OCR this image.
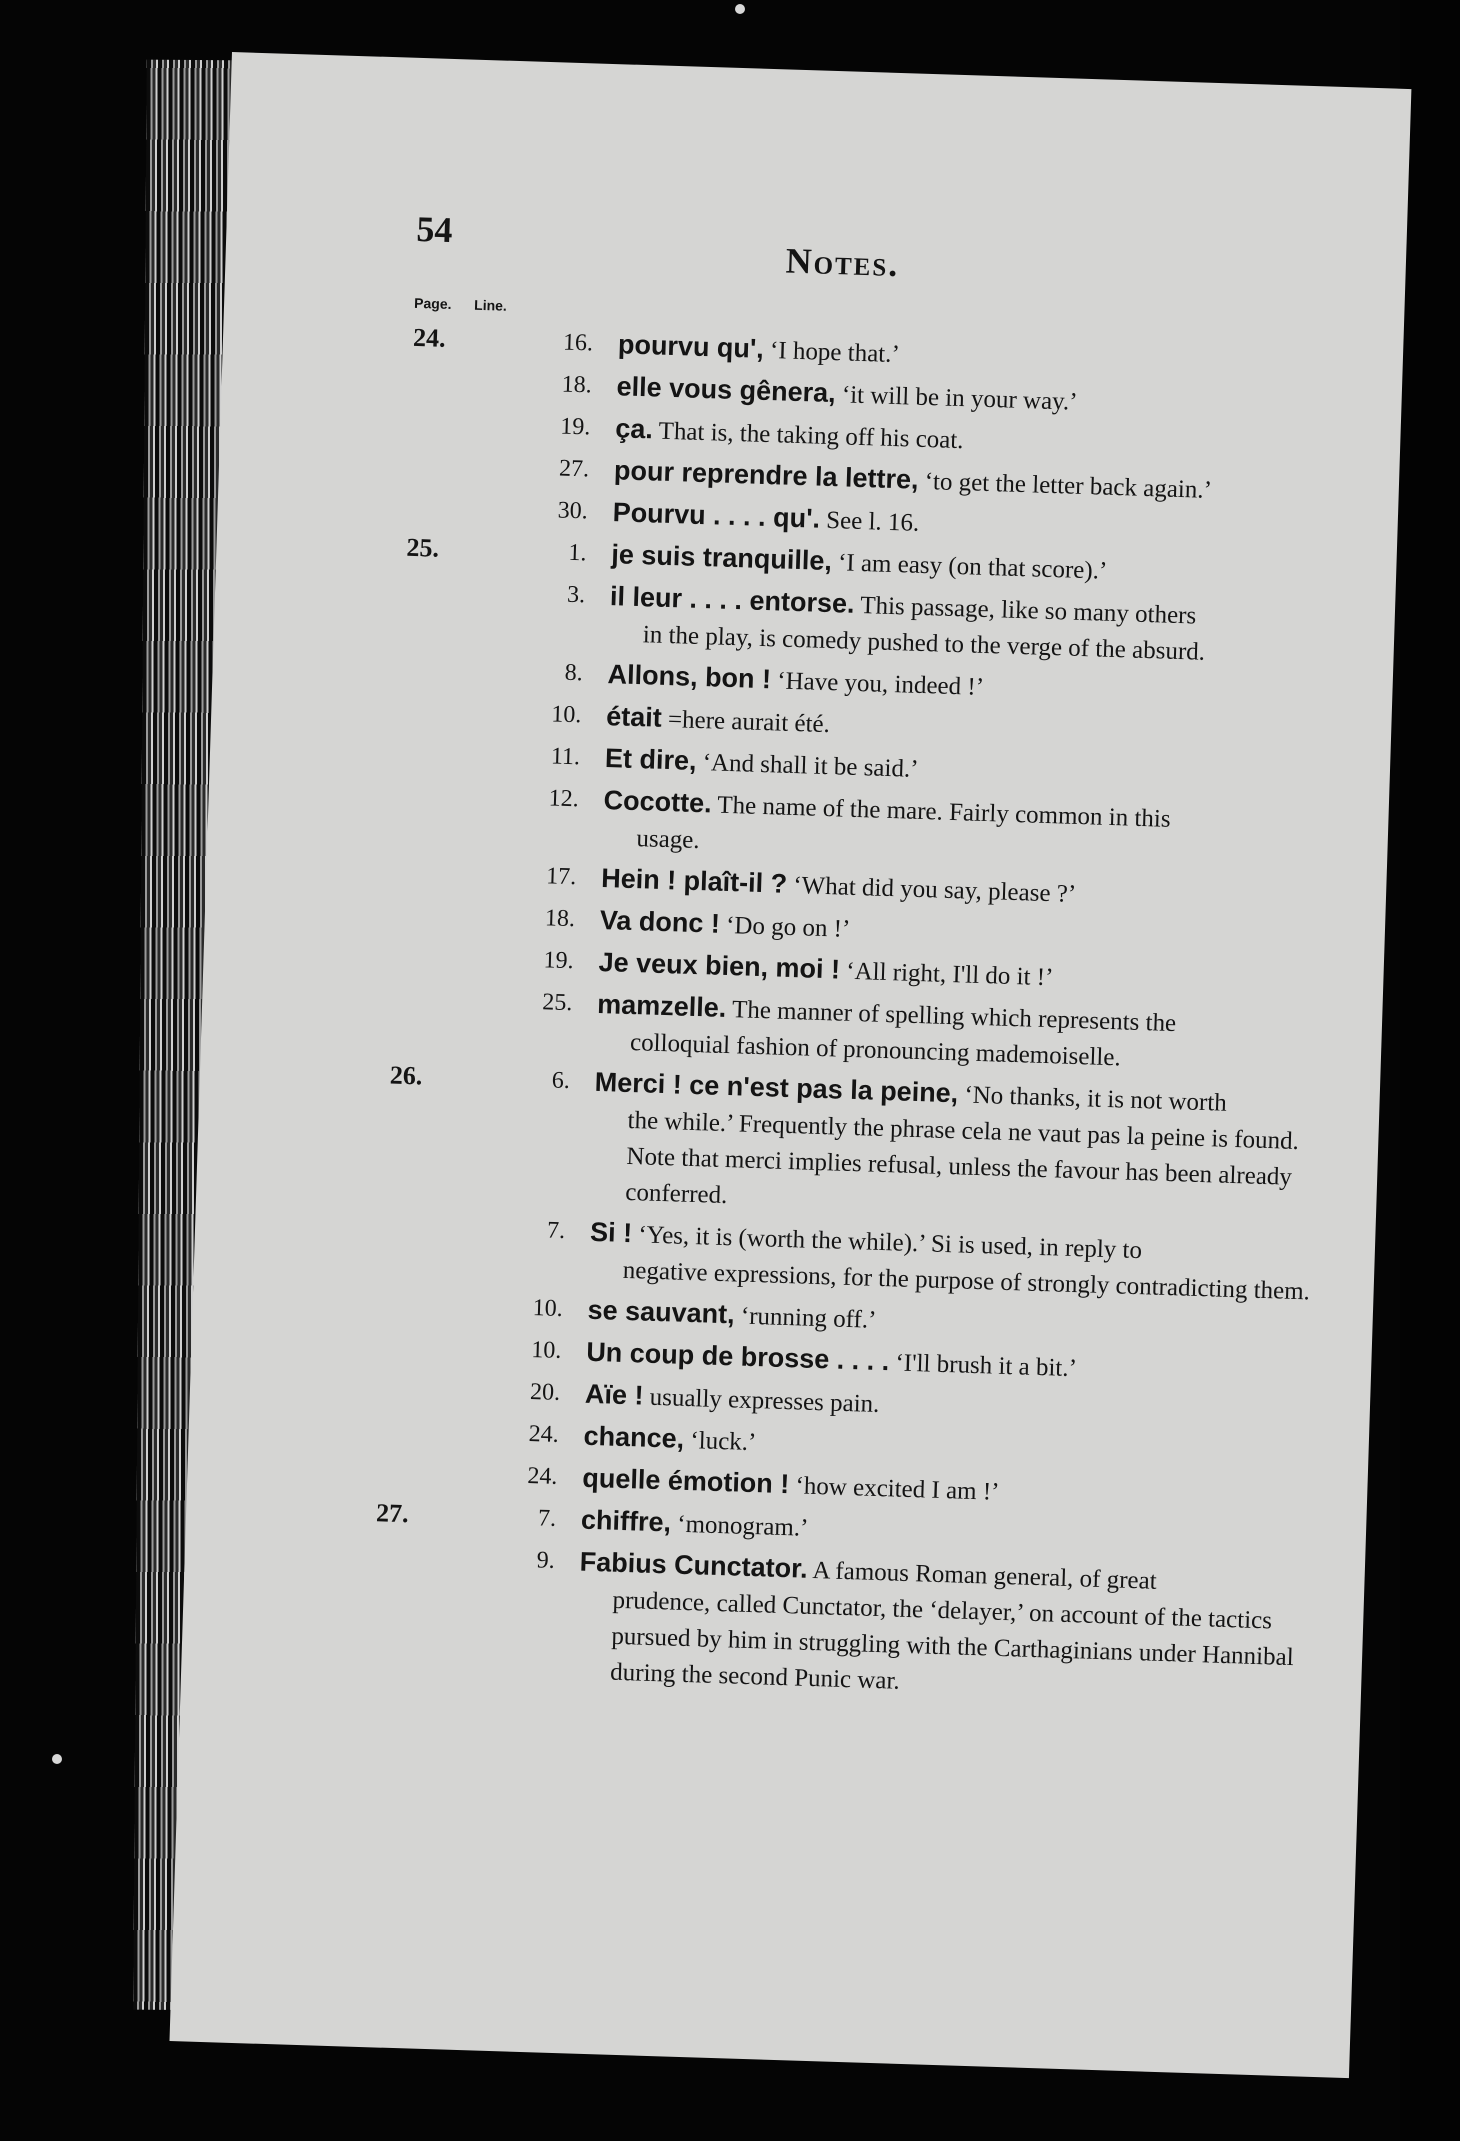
54
Notes.
Page. Line.
24.	16. pourvu qu', ‘I hope that.’
18. elle vous gênera, ‘it will be in your way.’
19. ça. That is, the taking off his coat.
27. pour reprendre la lettre, ‘to get the letter back again.’
30. Pourvu . . . . qu'. See l. 16.
25.	1. je suis tranquille, ‘I am easy (on that score).’
3. il leur . . . . entorse. This passage, like so many others
in the play, is comedy pushed to the verge of the absurd.
8. Allons, bon ! ‘Have you, indeed !’
10. était =here aurait été.
11. Et dire, ‘And shall it be said.’
12. Cocotte. The name of the mare. Fairly common in this
usage.
17. Hein ! plaît-il ? ‘What did you say, please ?’
18. Va donc ! ‘Do go on !’
19. Je veux bien, moi ! ‘All right, I'll do it !’
25. mamzelle. The manner of spelling which represents the
colloquial fashion of pronouncing mademoiselle.
26.	6. Merci ! ce n'est pas la peine, ‘No thanks, it is not worth
the while.’ Frequently the phrase cela ne vaut pas la peine is found. Note that merci implies refusal, unless the favour has been already conferred.
7. Si ! ‘Yes, it is (worth the while).’ Si is used, in reply to
negative expressions, for the purpose of strongly contradicting them.
10. se sauvant, ‘running off.’
10. Un coup de brosse . . . . ‘I'll brush it a bit.’
20. Aïe ! usually expresses pain.
24. chance, ‘luck.’
24. quelle émotion ! ‘how excited I am !’
27.	7. chiffre, ‘monogram.’
9. Fabius Cunctator. A famous Roman general, of great
prudence, called Cunctator, the ‘delayer,’ on account of the tactics pursued by him in struggling with the Carthaginians under Hannibal during the second Punic war.
